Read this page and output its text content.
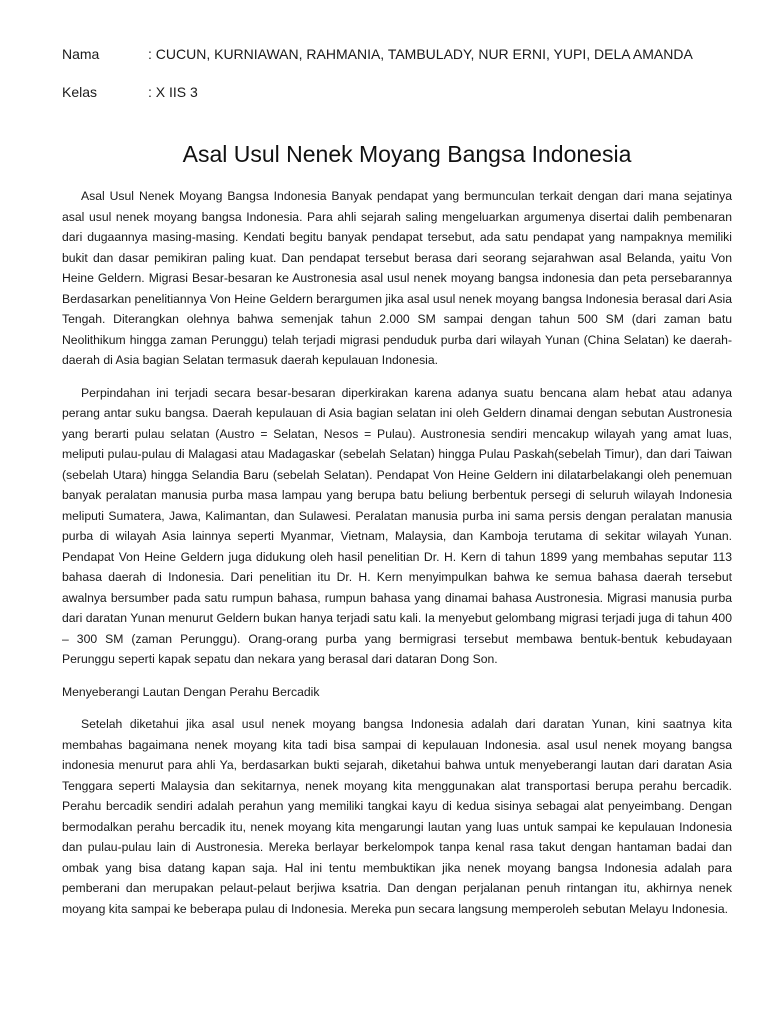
Nama	: CUCUN, KURNIAWAN, RAHMANIA, TAMBULADY, NUR ERNI, YUPI, DELA AMANDA
Kelas	: X IIS 3
Asal Usul Nenek Moyang Bangsa Indonesia

Asal Usul Nenek Moyang Bangsa Indonesia Banyak pendapat yang bermunculan terkait dengan dari mana sejatinya asal usul nenek moyang bangsa Indonesia. Para ahli sejarah saling mengeluarkan argumenya disertai dalih pembenaran dari dugaannya masing-masing. Kendati begitu banyak pendapat tersebut, ada satu pendapat yang nampaknya memiliki bukit dan dasar pemikiran paling kuat. Dan pendapat tersebut berasa dari seorang sejarahwan asal Belanda, yaitu Von Heine Geldern. Migrasi Besar-besaran ke Austronesia asal usul nenek moyang bangsa indonesia dan peta persebarannya Berdasarkan penelitiannya Von Heine Geldern berargumen jika asal usul nenek moyang bangsa Indonesia berasal dari Asia Tengah. Diterangkan olehnya bahwa semenjak tahun 2.000 SM sampai dengan tahun 500 SM (dari zaman batu Neolithikum hingga zaman Perunggu) telah terjadi migrasi penduduk purba dari wilayah Yunan (China Selatan) ke daerah-daerah di Asia bagian Selatan termasuk daerah kepulauan Indonesia.

Perpindahan ini terjadi secara besar-besaran diperkirakan karena adanya suatu bencana alam hebat atau adanya perang antar suku bangsa. Daerah kepulauan di Asia bagian selatan ini oleh Geldern dinamai dengan sebutan Austronesia yang berarti pulau selatan (Austro = Selatan, Nesos = Pulau). Austronesia sendiri mencakup wilayah yang amat luas, meliputi pulau-pulau di Malagasi atau Madagaskar (sebelah Selatan) hingga Pulau Paskah(sebelah Timur), dan dari Taiwan (sebelah Utara) hingga Selandia Baru (sebelah Selatan). Pendapat Von Heine Geldern ini dilatarbelakangi oleh penemuan banyak peralatan manusia purba masa lampau yang berupa batu beliung berbentuk persegi di seluruh wilayah Indonesia meliputi Sumatera, Jawa, Kalimantan, dan Sulawesi. Peralatan manusia purba ini sama persis dengan peralatan manusia purba di wilayah Asia lainnya seperti Myanmar, Vietnam, Malaysia, dan Kamboja terutama di sekitar wilayah Yunan. Pendapat Von Heine Geldern juga didukung oleh hasil penelitian Dr. H. Kern di tahun 1899 yang membahas seputar 113 bahasa daerah di Indonesia. Dari penelitian itu Dr. H. Kern menyimpulkan bahwa ke semua bahasa daerah tersebut awalnya bersumber pada satu rumpun bahasa, rumpun bahasa yang dinamai bahasa Austronesia. Migrasi manusia purba dari daratan Yunan menurut Geldern bukan hanya terjadi satu kali. Ia menyebut gelombang migrasi terjadi juga di tahun 400 – 300 SM (zaman Perunggu). Orang-orang purba yang bermigrasi tersebut membawa bentuk-bentuk kebudayaan Perunggu seperti kapak sepatu dan nekara yang berasal dari dataran Dong Son.

Menyeberangi Lautan Dengan Perahu Bercadik

Setelah diketahui jika asal usul nenek moyang bangsa Indonesia adalah dari daratan Yunan, kini saatnya kita membahas bagaimana nenek moyang kita tadi bisa sampai di kepulauan Indonesia. asal usul nenek moyang bangsa indonesia menurut para ahli Ya, berdasarkan bukti sejarah, diketahui bahwa untuk menyeberangi lautan dari daratan Asia Tenggara seperti Malaysia dan sekitarnya, nenek moyang kita menggunakan alat transportasi berupa perahu bercadik. Perahu bercadik sendiri adalah perahun yang memiliki tangkai kayu di kedua sisinya sebagai alat penyeimbang. Dengan bermodalkan perahu bercadik itu, nenek moyang kita mengarungi lautan yang luas untuk sampai ke kepulauan Indonesia dan pulau-pulau lain di Austronesia. Mereka berlayar berkelompok tanpa kenal rasa takut dengan hantaman badai dan ombak yang bisa datang kapan saja. Hal ini tentu membuktikan jika nenek moyang bangsa Indonesia adalah para pemberani dan merupakan pelaut-pelaut berjiwa ksatria. Dan dengan perjalanan penuh rintangan itu, akhirnya nenek moyang kita sampai ke beberapa pulau di Indonesia. Mereka pun secara langsung memperoleh sebutan Melayu Indonesia.
